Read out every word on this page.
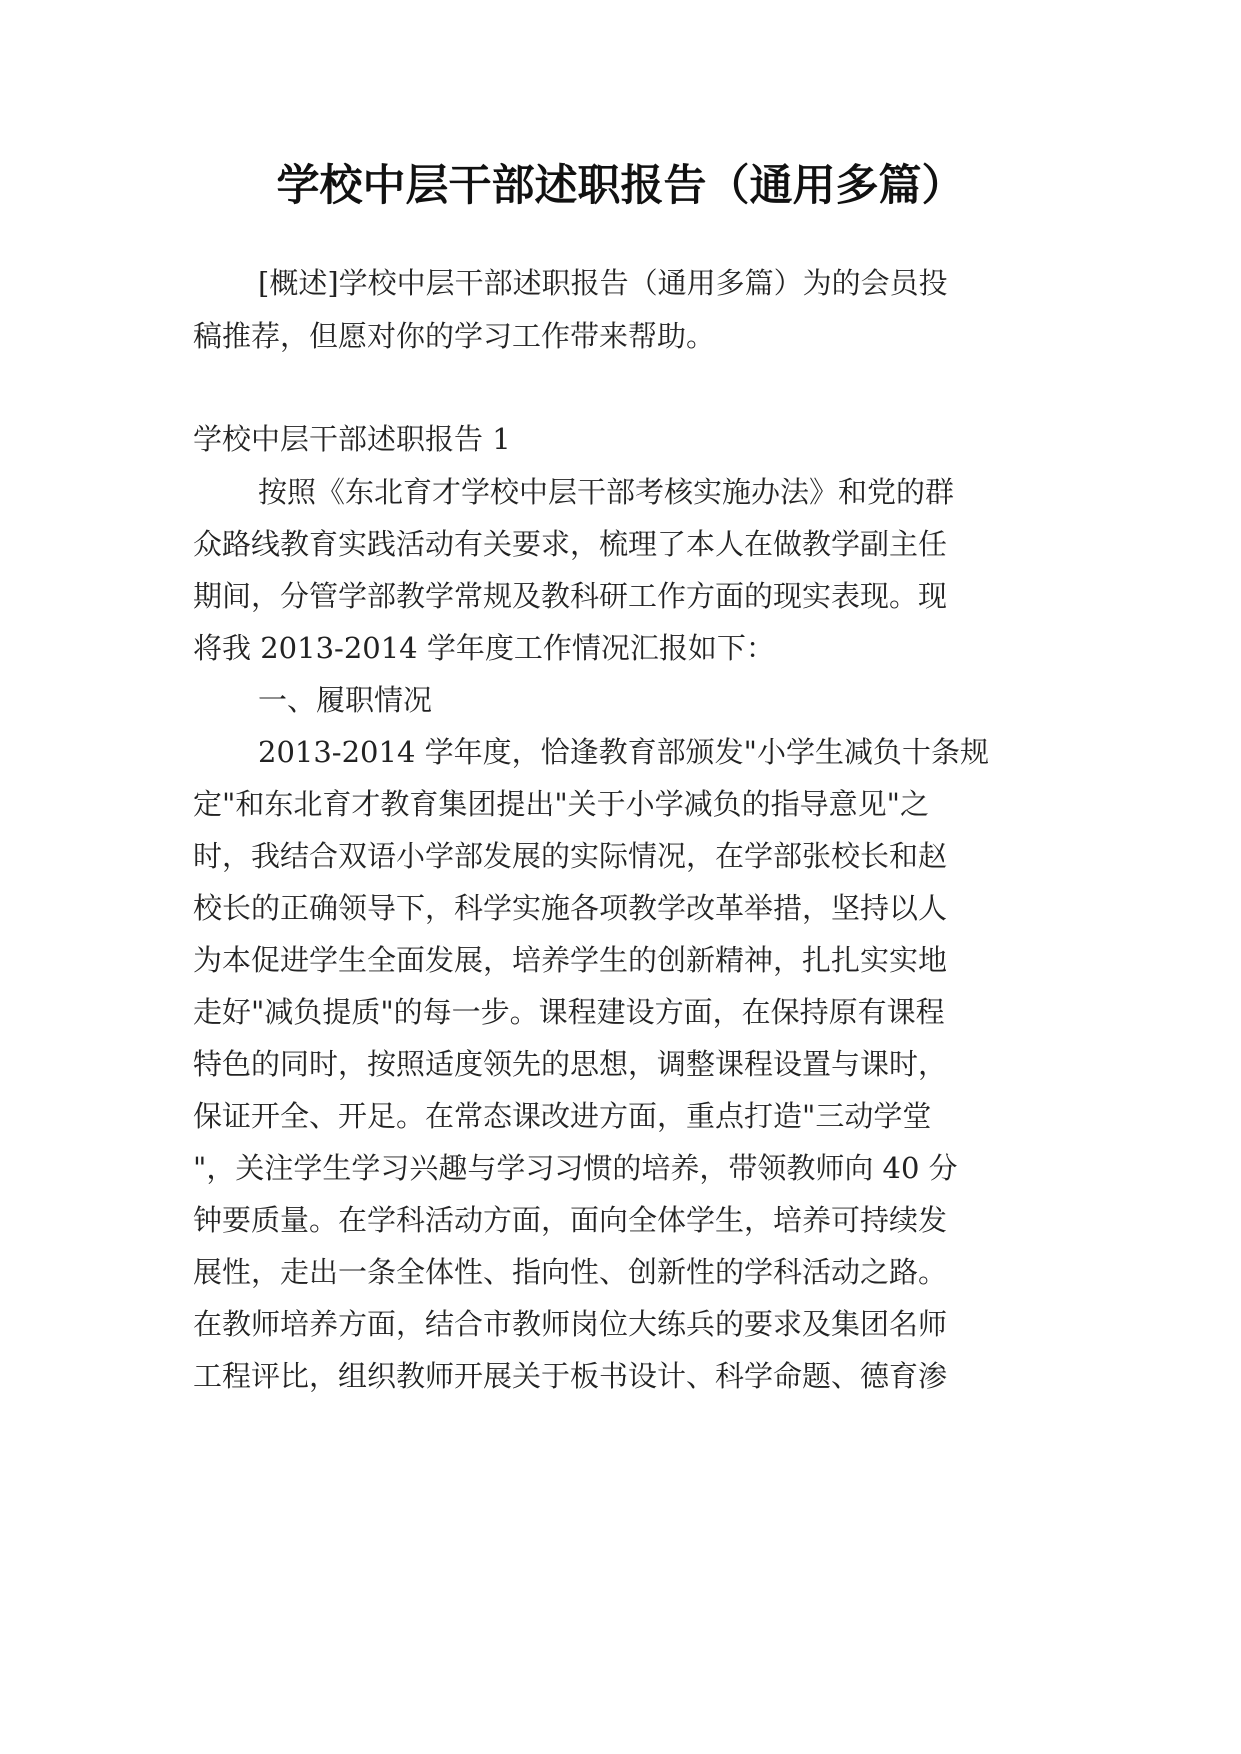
学校中层干部述职报告（通用多篇）
[概述]学校中层干部述职报告（通用多篇）为的会员投
稿推荐，但愿对你的学习工作带来帮助。
学校中层干部述职报告 1
按照《东北育才学校中层干部考核实施办法》和党的群
众路线教育实践活动有关要求，梳理了本人在做教学副主任
期间，分管学部教学常规及教科研工作方面的现实表现。现
将我 2013-2014 学年度工作情况汇报如下：
一、履职情况
2013-2014 学年度，恰逢教育部颁发"小学生减负十条规
定"和东北育才教育集团提出"关于小学减负的指导意见"之
时，我结合双语小学部发展的实际情况，在学部张校长和赵
校长的正确领导下，科学实施各项教学改革举措，坚持以人
为本促进学生全面发展，培养学生的创新精神，扎扎实实地
走好"减负提质"的每一步。课程建设方面，在保持原有课程
特色的同时，按照适度领先的思想，调整课程设置与课时，
保证开全、开足。在常态课改进方面，重点打造"三动学堂
"，关注学生学习兴趣与学习习惯的培养，带领教师向 40 分
钟要质量。在学科活动方面，面向全体学生，培养可持续发
展性，走出一条全体性、指向性、创新性的学科活动之路。
在教师培养方面，结合市教师岗位大练兵的要求及集团名师
工程评比，组织教师开展关于板书设计、科学命题、德育渗
